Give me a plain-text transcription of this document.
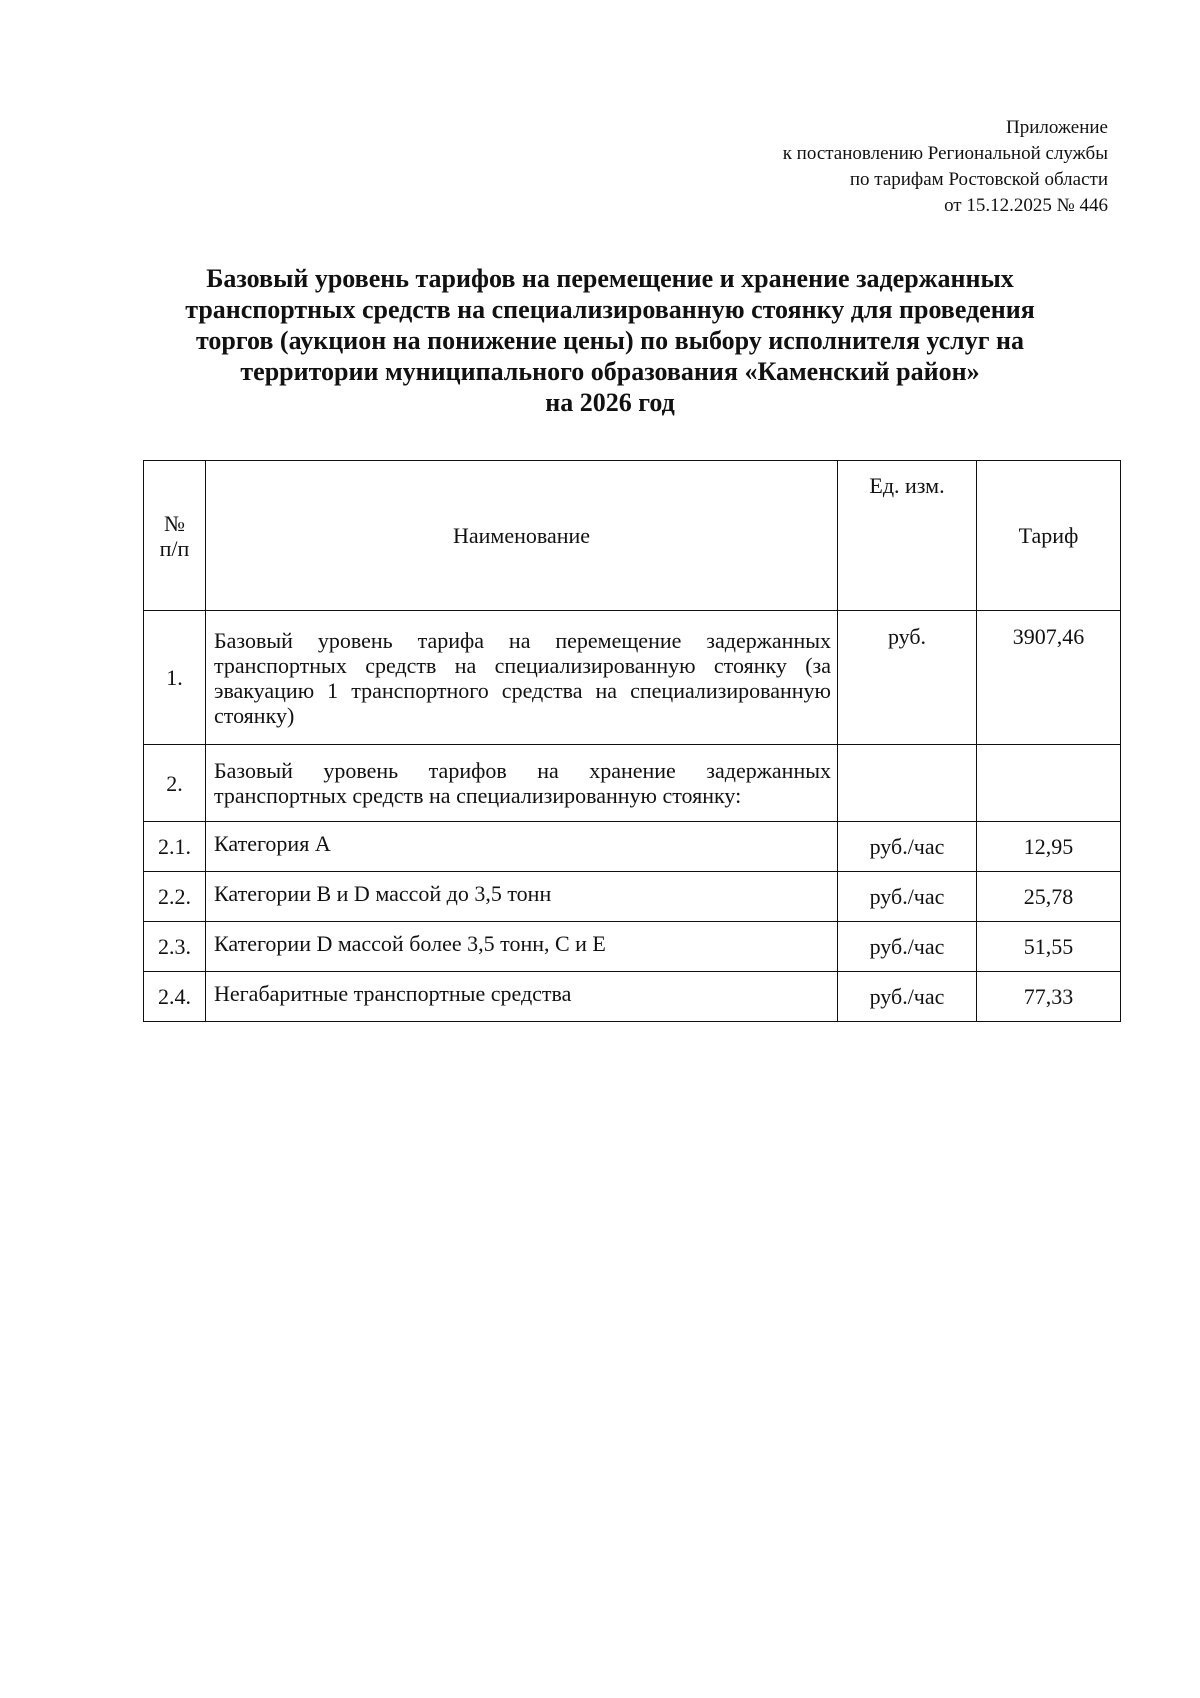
Приложение
к постановлению Региональной службы
по тарифам Ростовской области
от 15.12.2025 № 446
Базовый уровень тарифов на перемещение и хранение задержанных
транспортных средств на специализированную стоянку для проведения
торгов (аукцион на понижение цены) по выбору исполнителя услуг на
территории муниципального образования «Каменский район»
на 2026 год
№
п/п	Наименование	Ед. изм.	Тариф
1.	Базовый уровень тарифа на перемещение задержанных транспортных средств на специализированную стоянку (за эвакуацию 1 транспортного средства на специализированную стоянку)	руб.	3907,46
2.	Базовый уровень тарифов на хранение задержанных транспортных средств на специализированную стоянку:		
2.1.	Категория А	руб./час	12,95
2.2.	Категории B и D массой до 3,5 тонн	руб./час	25,78
2.3.	Категории D массой более 3,5 тонн, C и E	руб./час	51,55
2.4.	Негабаритные транспортные средства	руб./час	77,33
